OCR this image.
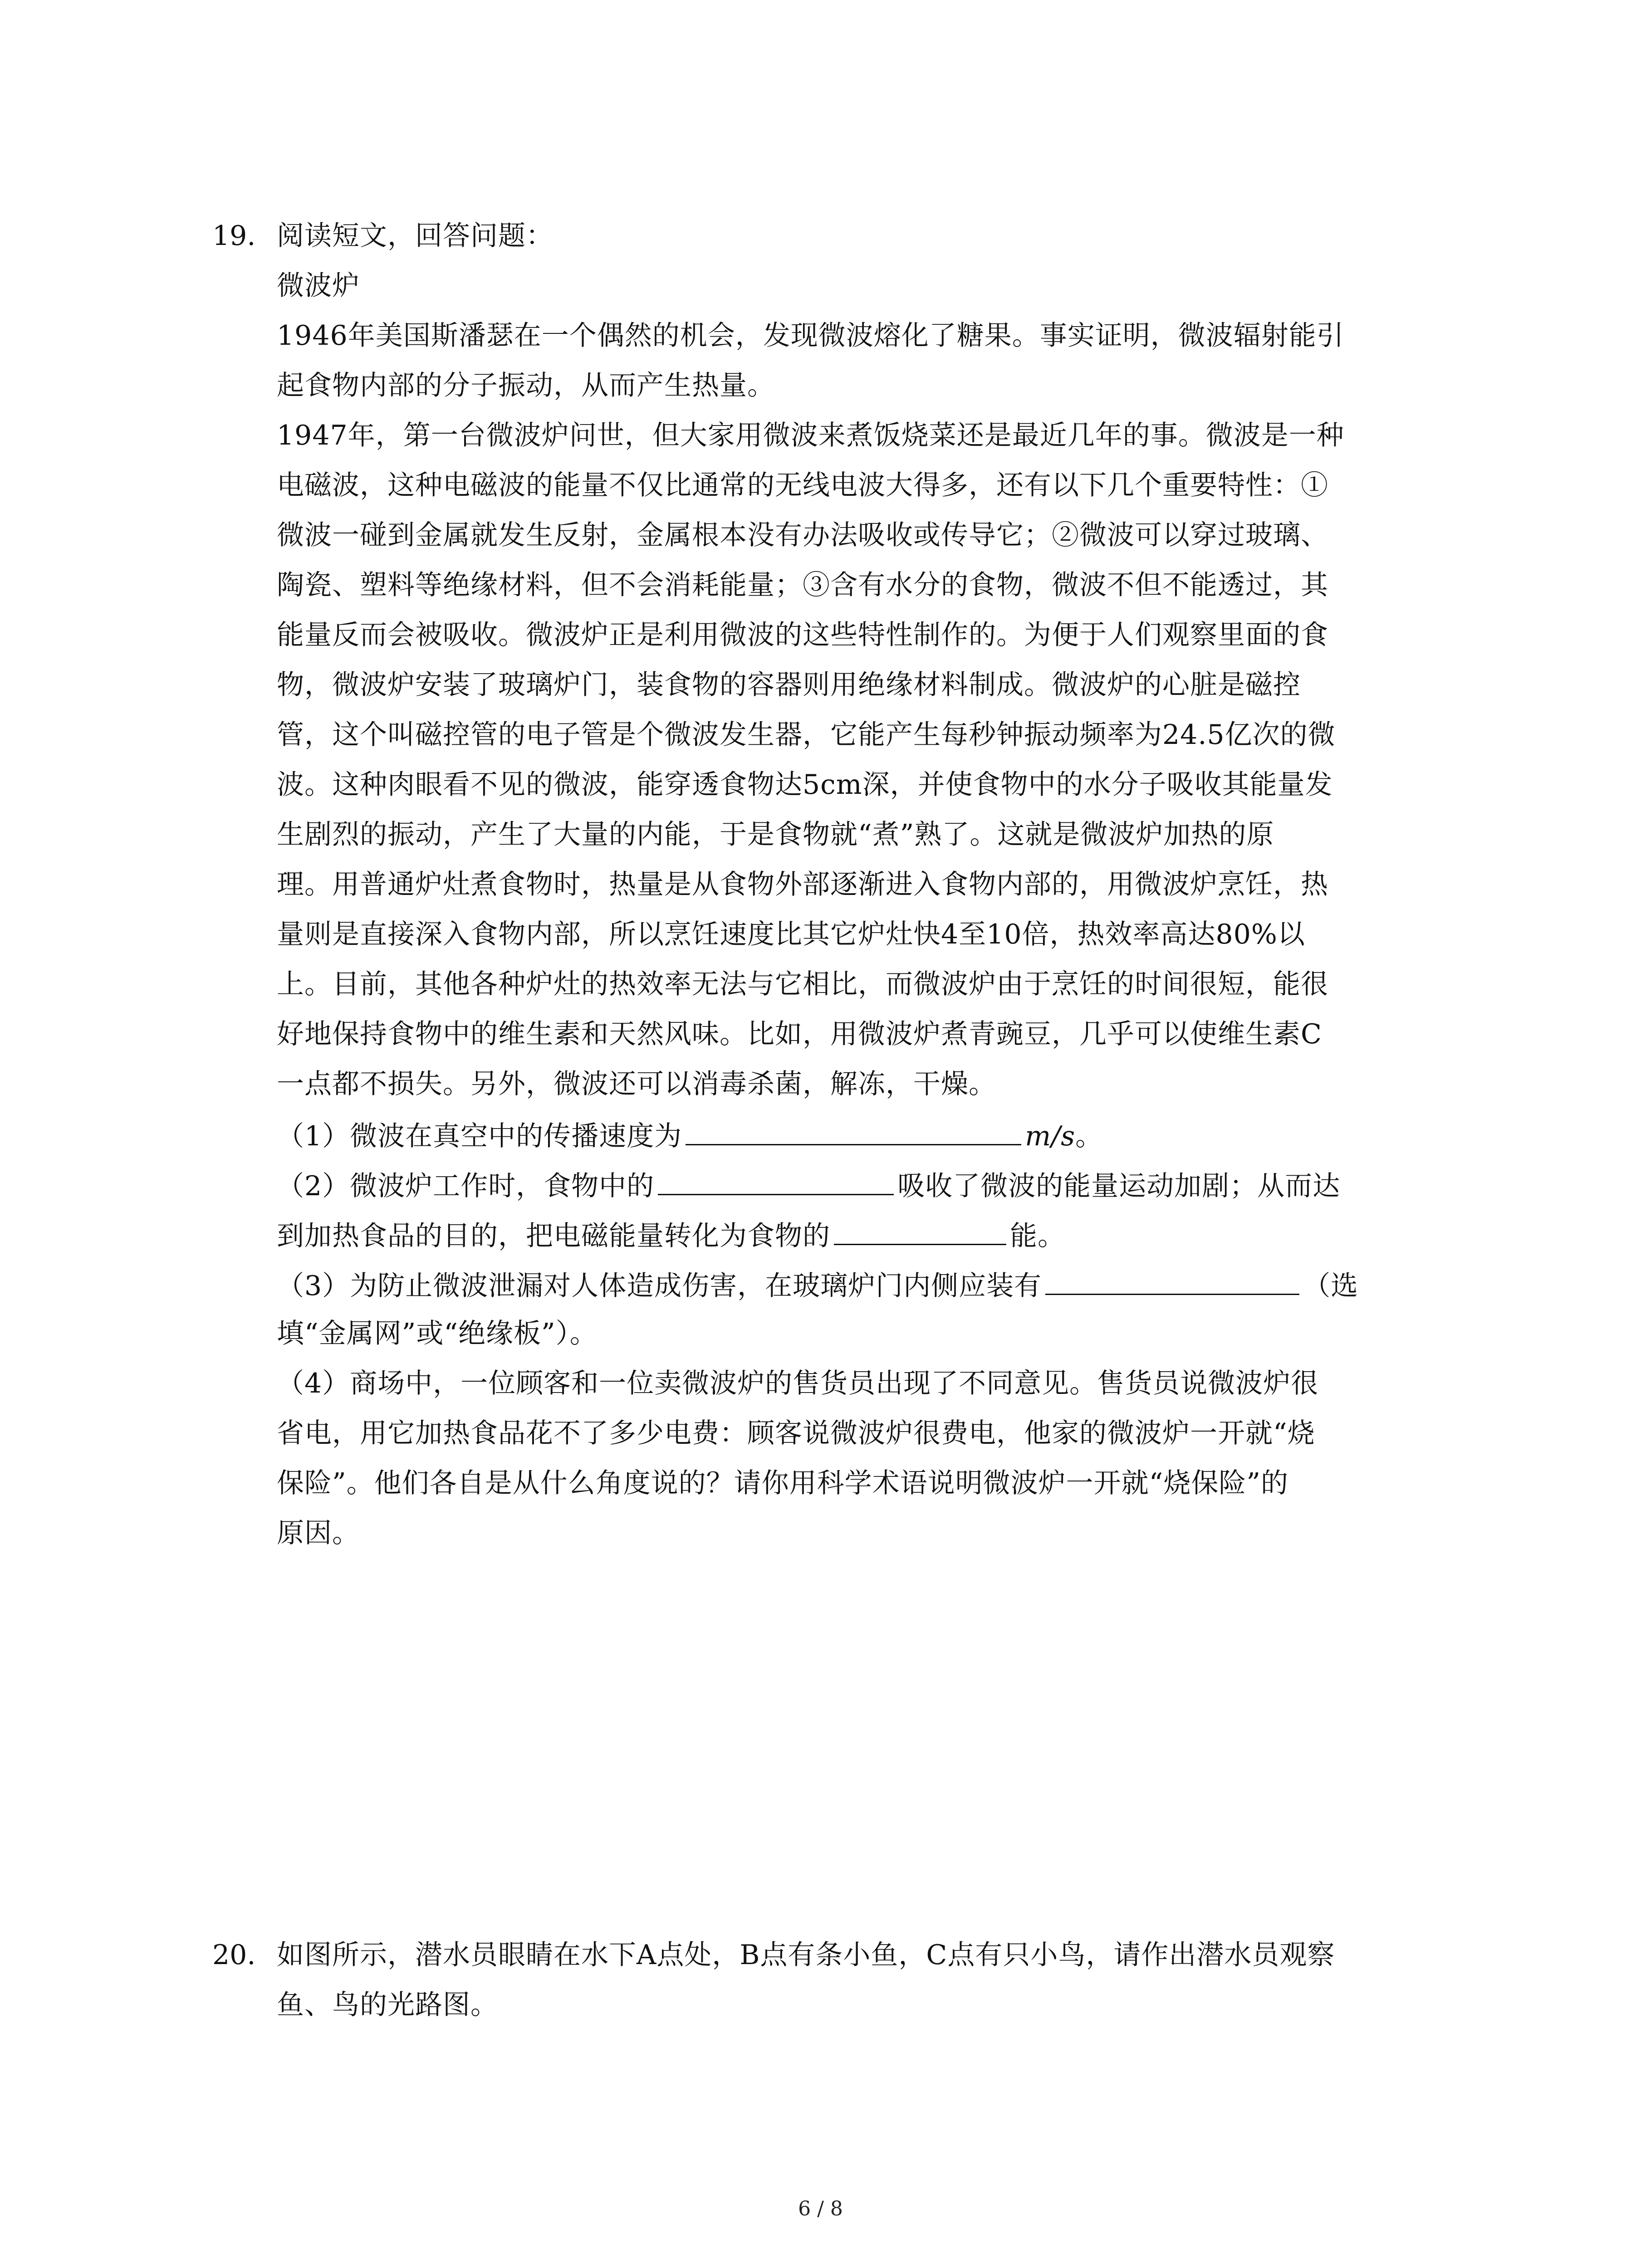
19. 阅读短文，回答问题：
微波炉
1946年美国斯潘瑟在一个偶然的机会，发现微波熔化了糖果。事实证明，微波辐射能引
起食物内部的分子振动，从而产生热量。
1947年，第一台微波炉问世，但大家用微波来煮饭烧菜还是最近几年的事。微波是一种
电磁波，这种电磁波的能量不仅比通常的无线电波大得多，还有以下几个重要特性：①
微波一碰到金属就发生反射，金属根本没有办法吸收或传导它；②微波可以穿过玻璃、
陶瓷、塑料等绝缘材料，但不会消耗能量；③含有水分的食物，微波不但不能透过，其
能量反而会被吸收。微波炉正是利用微波的这些特性制作的。为便于人们观察里面的食
物，微波炉安装了玻璃炉门，装食物的容器则用绝缘材料制成。微波炉的心脏是磁控
管，这个叫磁控管的电子管是个微波发生器，它能产生每秒钟振动频率为24.5亿次的微
波。这种肉眼看不见的微波，能穿透食物达5cm深，并使食物中的水分子吸收其能量发
生剧烈的振动，产生了大量的内能，于是食物就“煮”熟了。这就是微波炉加热的原
理。用普通炉灶煮食物时，热量是从食物外部逐渐进入食物内部的，用微波炉烹饪，热
量则是直接深入食物内部，所以烹饪速度比其它炉灶快4至10倍，热效率高达80%以
上。目前，其他各种炉灶的热效率无法与它相比，而微波炉由于烹饪的时间很短，能很
好地保持食物中的维生素和天然风味。比如，用微波炉煮青豌豆，几乎可以使维生素C
一点都不损失。另外，微波还可以消毒杀菌，解冻，干燥。
（1）微波在真空中的传播速度为	m/s。
（2）微波炉工作时，食物中的	吸收了微波的能量运动加剧；从而达
到加热食品的目的，把电磁能量转化为食物的	能。
（3）为防止微波泄漏对人体造成伤害，在玻璃炉门内侧应装有	（选
填“金属网”或“绝缘板”）。
（4）商场中，一位顾客和一位卖微波炉的售货员出现了不同意见。售货员说微波炉很
省电，用它加热食品花不了多少电费：顾客说微波炉很费电，他家的微波炉一开就“烧
保险”。他们各自是从什么角度说的？请你用科学术语说明微波炉一开就“烧保险”的
原因。
20. 如图所示，潜水员眼睛在水下A点处，B点有条小鱼，C点有只小鸟，请作出潜水员观察
鱼、鸟的光路图。
6 / 8
